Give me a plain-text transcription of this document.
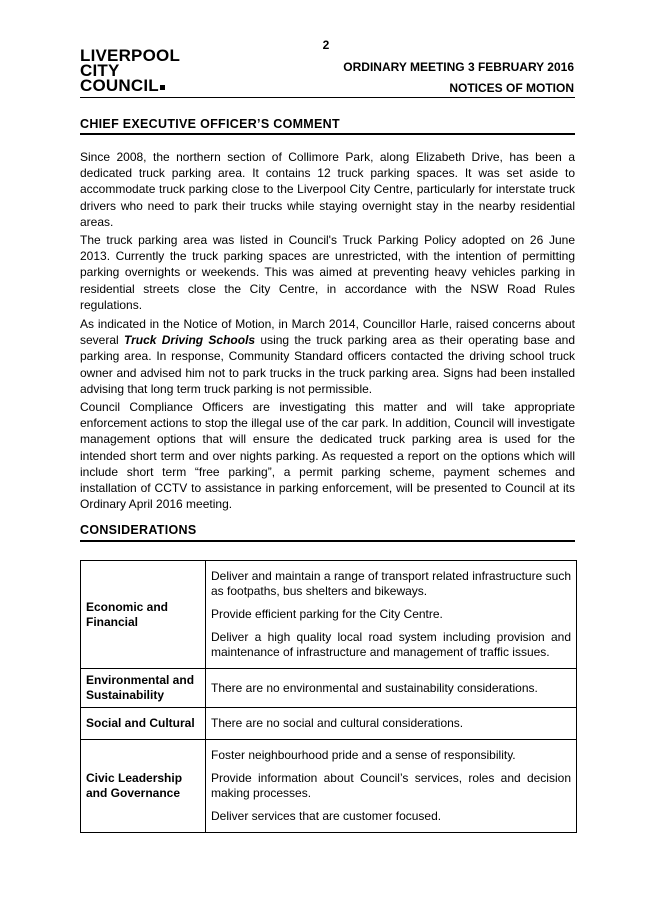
2
LIVERPOOL
CITY
COUNCIL
ORDINARY MEETING 3 FEBRUARY 2016
NOTICES OF MOTION
CHIEF EXECUTIVE OFFICER’S COMMENT

Since 2008, the northern section of Collimore Park, along Elizabeth Drive, has been a dedicated truck parking area. It contains 12 truck parking spaces. It was set aside to accommodate truck parking close to the Liverpool City Centre, particularly for interstate truck drivers who need to park their trucks while staying overnight stay in the nearby residential areas.

The truck parking area was listed in Council's Truck Parking Policy adopted on 26 June 2013. Currently the truck parking spaces are unrestricted, with the intention of permitting parking overnights or weekends. This was aimed at preventing heavy vehicles parking in residential streets close the City Centre, in accordance with the NSW Road Rules regulations.

As indicated in the Notice of Motion, in March 2014, Councillor Harle, raised concerns about several Truck Driving Schools using the truck parking area as their operating base and parking area. In response, Community Standard officers contacted the driving school truck owner and advised him not to park trucks in the truck parking area. Signs had been installed advising that long term truck parking is not permissible.

Council Compliance Officers are investigating this matter and will take appropriate enforcement actions to stop the illegal use of the car park. In addition, Council will investigate management options that will ensure the dedicated truck parking area is used for the intended short term and over nights parking. As requested a report on the options which will include short term “free parking”, a permit parking scheme, payment schemes and installation of CCTV to assistance in parking enforcement, will be presented to Council at its Ordinary April 2016 meeting.

CONSIDERATIONS
Economic and Financial	Deliver and maintain a range of transport related infrastructure such as footpaths, bus shelters and bikeways.

Provide efficient parking for the City Centre.

Deliver a high quality local road system including provision and maintenance of infrastructure and management of traffic issues.

Environmental and Sustainability	There are no environmental and sustainability considerations.

Social and Cultural	There are no social and cultural considerations.

Civic Leadership and Governance	Foster neighbourhood pride and a sense of responsibility.

Provide information about Council’s services, roles and decision making processes.

Deliver services that are customer focused.
